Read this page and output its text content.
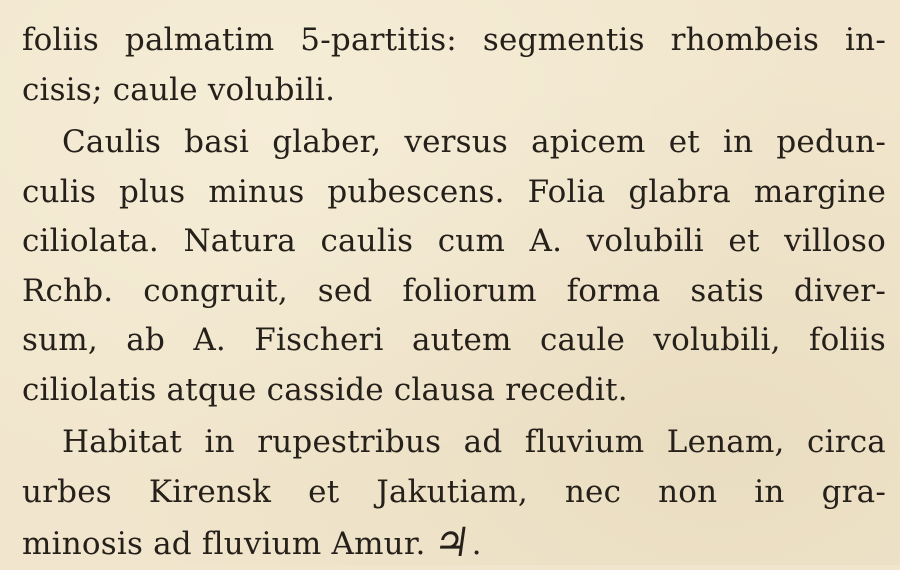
foliis palmatim 5-partitis: segmentis rhombeis in-
cisis; caule volubili.
Caulis basi glaber, versus apicem et in pedun-
culis plus minus pubescens. Folia glabra margine
ciliolata. Natura caulis cum A. volubili et villoso
Rchb. congruit, sed foliorum forma satis diver-
sum, ab A. Fischeri autem caule volubili, foliis
ciliolatis atque casside clausa recedit.
Habitat in rupestribus ad fluvium Lenam, circa
urbes Kirensk et Jakutiam, nec non in gra-
minosis ad fluvium Amur. ♃.
